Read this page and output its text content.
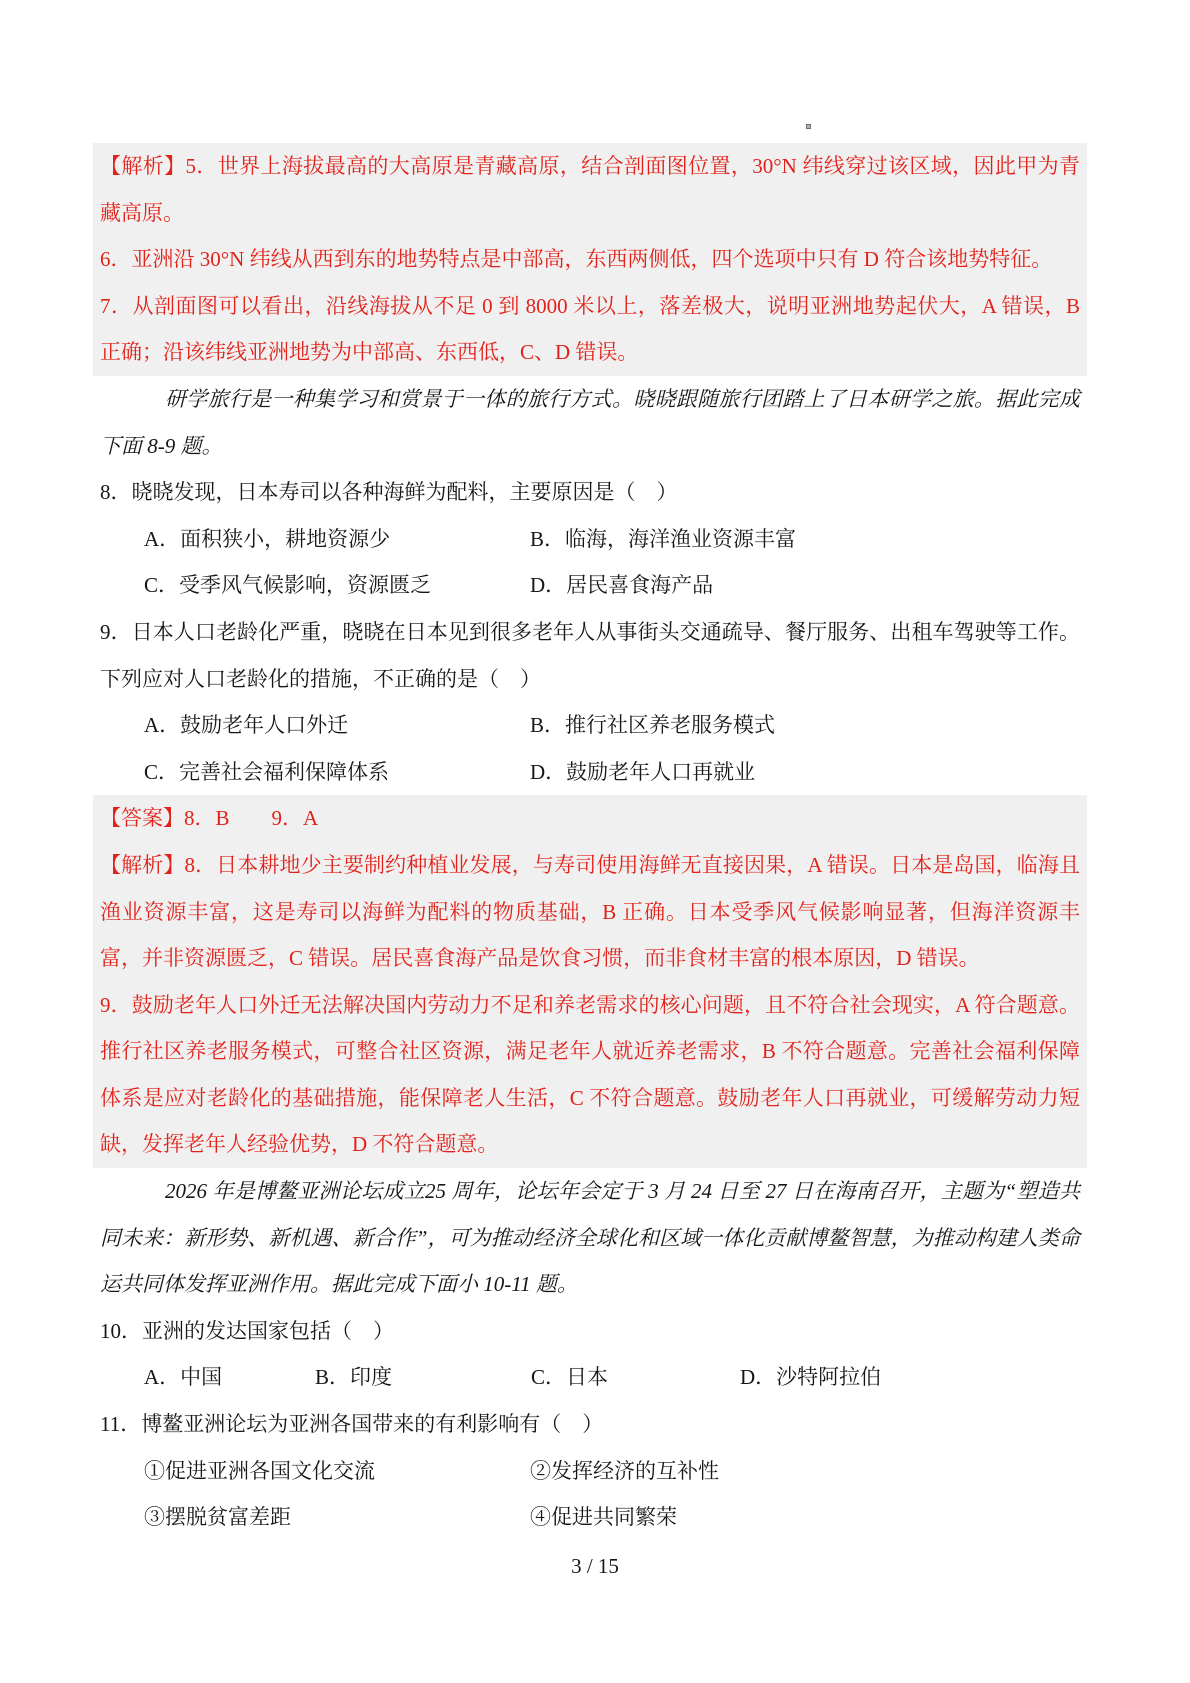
【解析】5．世界上海拔最高的大高原是青藏高原，结合剖面图位置，30°N 纬线穿过该区域，因此甲为青藏高原。

6．亚洲沿 30°N 纬线从西到东的地势特点是中部高，东西两侧低，四个选项中只有 D 符合该地势特征。

7．从剖面图可以看出，沿线海拔从不足 0 到 8000 米以上，落差极大，说明亚洲地势起伏大，A 错误，B 正确；沿该纬线亚洲地势为中部高、东西低，C、D 错误。

研学旅行是一种集学习和赏景于一体的旅行方式。晓晓跟随旅行团踏上了日本研学之旅。据此完成下面 8-9 题。

8．晓晓发现，日本寿司以各种海鲜为配料，主要原因是（　）

A．面积狭小，耕地资源少	B．临海，海洋渔业资源丰富
C．受季风气候影响，资源匮乏	D．居民喜食海产品

9．日本人口老龄化严重，晓晓在日本见到很多老年人从事街头交通疏导、餐厅服务、出租车驾驶等工作。下列应对人口老龄化的措施，不正确的是（　）

A．鼓励老年人口外迁	B．推行社区养老服务模式
C．完善社会福利保障体系	D．鼓励老年人口再就业

【答案】8．B　　9．A

【解析】8．日本耕地少主要制约种植业发展，与寿司使用海鲜无直接因果，A 错误。日本是岛国，临海且渔业资源丰富，这是寿司以海鲜为配料的物质基础，B 正确。日本受季风气候影响显著，但海洋资源丰富，并非资源匮乏，C 错误。居民喜食海产品是饮食习惯，而非食材丰富的根本原因，D 错误。

9．鼓励老年人口外迁无法解决国内劳动力不足和养老需求的核心问题，且不符合社会现实，A 符合题意。推行社区养老服务模式，可整合社区资源，满足老年人就近养老需求，B 不符合题意。完善社会福利保障体系是应对老龄化的基础措施，能保障老人生活，C 不符合题意。鼓励老年人口再就业，可缓解劳动力短缺，发挥老年人经验优势，D 不符合题意。

2026 年是博鳌亚洲论坛成立25 周年，论坛年会定于 3 月 24 日至 27 日在海南召开，主题为“塑造共同未来：新形势、新机遇、新合作”，可为推动经济全球化和区域一体化贡献博鳌智慧，为推动构建人类命运共同体发挥亚洲作用。据此完成下面小 10-11 题。

10．亚洲的发达国家包括（　）

A．中国	B．印度	C．日本	D．沙特阿拉伯

11．博鳌亚洲论坛为亚洲各国带来的有利影响有（　）

①促进亚洲各国文化交流	②发挥经济的互补性
③摆脱贫富差距	④促进共同繁荣
3 / 15
